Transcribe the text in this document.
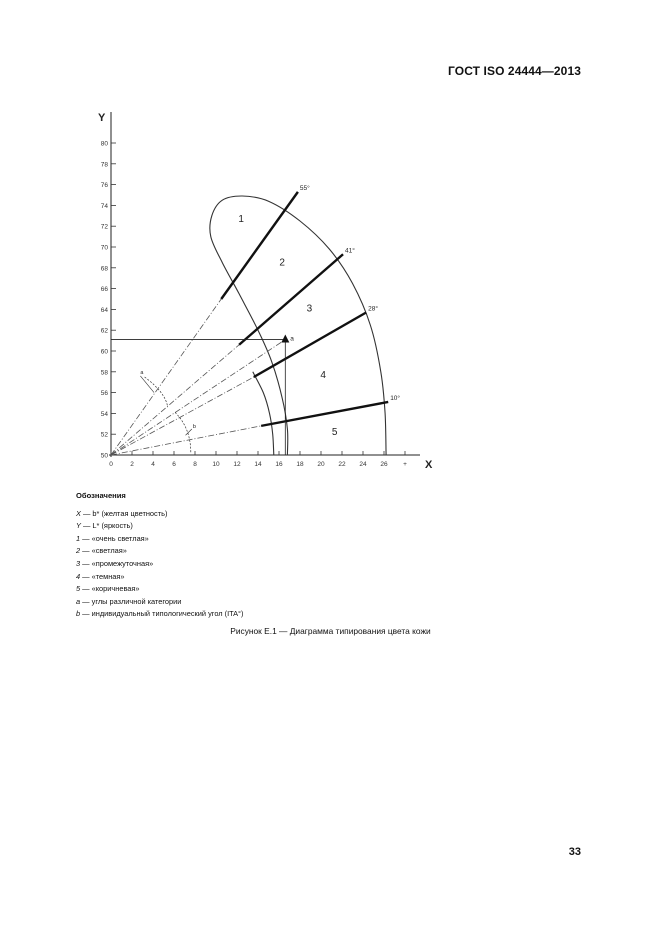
ГОСТ ISO 24444—2013
Y
X
50
52
54
56
58
60
62
64
66
68
70
72
74
76
78
80
0	2	4	6	8 10 12 14 16 18 20 22 24 26 +
55°
41°
28°
10°
a
a
b
1
2
3
4
5
Обозначения
X — b* (желтая цветность)
Y — L* (яркость)
1 — «очень светлая»
2 — «светлая»
3 — «промежуточная»
4 — «темная»
5 — «коричневая»
a — углы различной категории
b — индивидуальный типологический угол (ITA°)
Рисунок Е.1 — Диаграмма типирования цвета кожи
33
